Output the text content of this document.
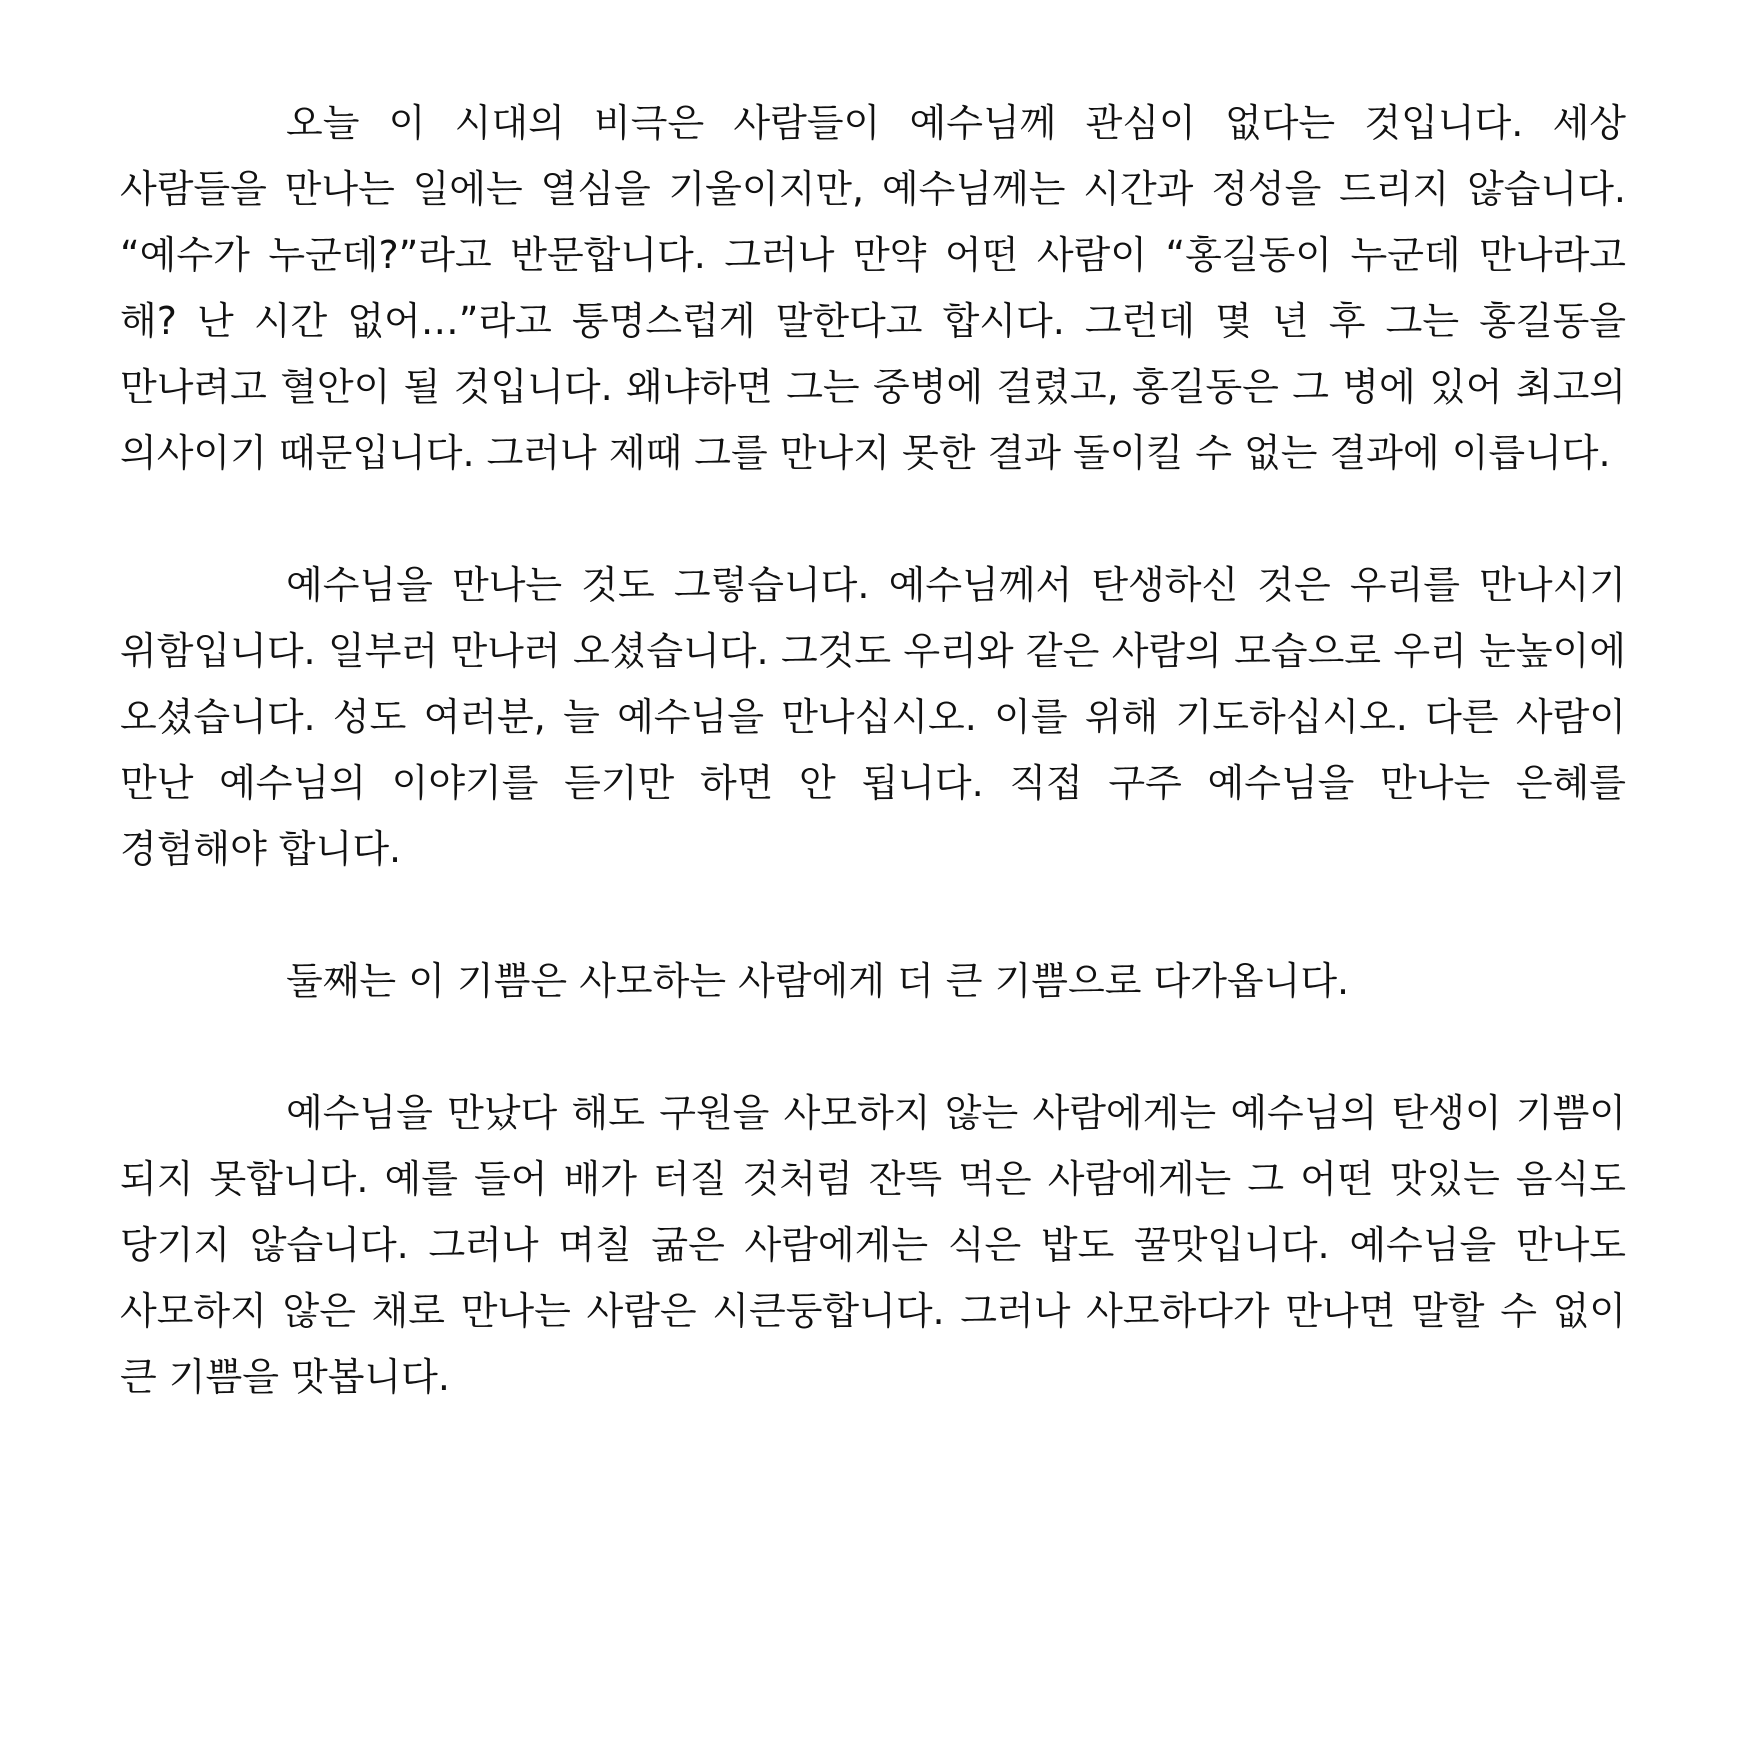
오늘 이 시대의 비극은 사람들이 예수님께 관심이 없다는 것입니다. 세상 사람들을 만나는 일에는 열심을 기울이지만, 예수님께는 시간과 정성을 드리지 않습니다. “예수가 누군데?”라고 반문합니다. 그러나 만약 어떤 사람이 “홍길동이 누군데 만나라고 해? 난 시간 없어…”라고 퉁명스럽게 말한다고 합시다. 그런데 몇 년 후 그는 홍길동을 만나려고 혈안이 될 것입니다. 왜냐하면 그는 중병에 걸렸고, 홍길동은 그 병에 있어 최고의 의사이기 때문입니다. 그러나 제때 그를 만나지 못한 결과 돌이킬 수 없는 결과에 이릅니다.

예수님을 만나는 것도 그렇습니다. 예수님께서 탄생하신 것은 우리를 만나시기 위함입니다. 일부러 만나러 오셨습니다. 그것도 우리와 같은 사람의 모습으로 우리 눈높이에 오셨습니다. 성도 여러분, 늘 예수님을 만나십시오. 이를 위해 기도하십시오. 다른 사람이 만난 예수님의 이야기를 듣기만 하면 안 됩니다. 직접 구주 예수님을 만나는 은혜를 경험해야 합니다.

둘째는 이 기쁨은 사모하는 사람에게 더 큰 기쁨으로 다가옵니다.

예수님을 만났다 해도 구원을 사모하지 않는 사람에게는 예수님의 탄생이 기쁨이 되지 못합니다. 예를 들어 배가 터질 것처럼 잔뜩 먹은 사람에게는 그 어떤 맛있는 음식도 당기지 않습니다. 그러나 며칠 굶은 사람에게는 식은 밥도 꿀맛입니다. 예수님을 만나도 사모하지 않은 채로 만나는 사람은 시큰둥합니다. 그러나 사모하다가 만나면 말할 수 없이 큰 기쁨을 맛봅니다.
